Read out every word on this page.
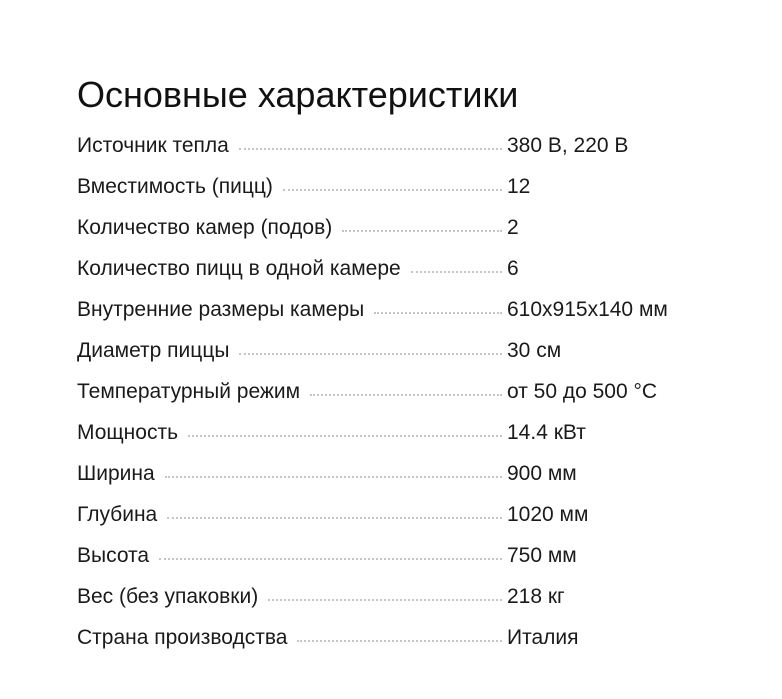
Основные характеристики
Источник тепла	380 В, 220 В
Вместимость (пицц)	12
Количество камер (подов)	2
Количество пицц в одной камере	6
Внутренние размеры камеры	610x915x140 мм
Диаметр пиццы	30 см
Температурный режим	от 50 до 500 °С
Мощность	14.4 кВт
Ширина	900 мм
Глубина	1020 мм
Высота	750 мм
Вес (без упаковки)	218 кг
Страна производства	Италия
